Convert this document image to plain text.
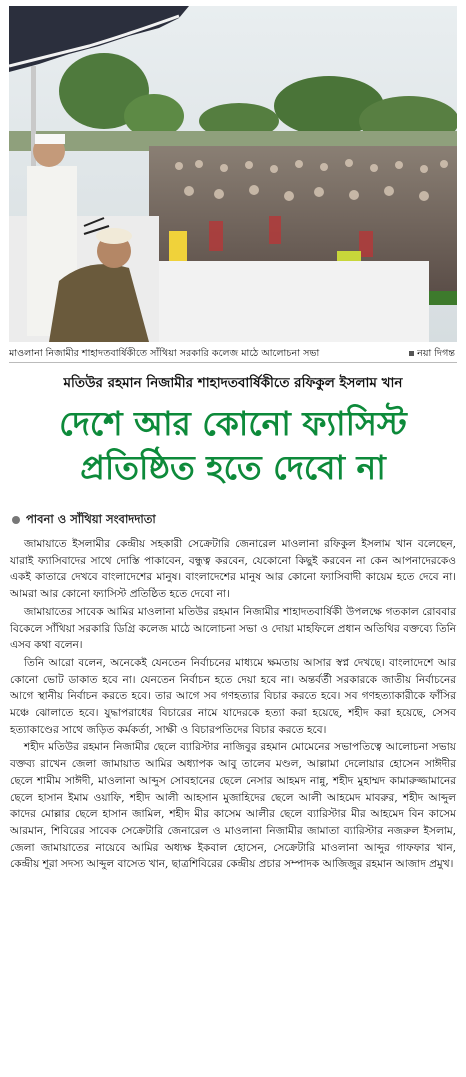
মাওলানা নিজামীর শাহাদতবার্ষিকীতে সাঁথিয়া সরকারি কলেজ মাঠে আলোচনা সভা	নয়া দিগন্ত
মতিউর রহমান নিজামীর শাহাদতবার্ষিকীতে রফিকুল ইসলাম খান
দেশে আর কোনো ফ্যাসিস্ট
প্রতিষ্ঠিত হতে দেবো না
পাবনা ও সাঁথিয়া সংবাদদাতা

জামায়াতে ইসলামীর কেন্দ্রীয় সহকারী সেক্রেটারি জেনারেল মাওলানা রফিকুল ইসলাম খান বলেছেন, যারাই ফ্যাসিবাদের সাথে দোস্তি পাকাবেন, বন্ধুত্ব করবেন, যেকোনো কিছুই করবেন না কেন আপনাদেরকেও একই কাতারে দেখবে বাংলাদেশের মানুষ। বাংলাদেশের মানুষ আর কোনো ফ্যাসিবাদী কায়েম হতে দেবে না। আমরা আর কোনো ফ্যাসিস্ট প্রতিষ্ঠিত হতে দেবো না।

জামায়াতের সাবেক আমির মাওলানা মতিউর রহমান নিজামীর শাহাদতবার্ষিকী উপলক্ষে গতকাল রোববার বিকেলে সাঁথিয়া সরকারি ডিগ্রি কলেজ মাঠে আলোচনা সভা ও দোয়া মাহফিলে প্রধান অতিথির বক্তব্যে তিনি এসব কথা বলেন।

তিনি আরো বলেন, অনেকেই যেনতেন নির্বাচনের মাধ্যমে ক্ষমতায় আসার স্বপ্ন দেখছে। বাংলাদেশে আর কোনো ভোট ডাকাত হবে না। যেনতেন নির্বাচন হতে দেয়া হবে না। অন্তর্বর্তী সরকারকে জাতীয় নির্বাচনের আগে স্থানীয় নির্বাচন করতে হবে। তার আগে সব গণহত্যার বিচার করতে হবে। সব গণহত্যাকারীকে ফাঁসির মঞ্চে ঝোলাতে হবে। যুদ্ধাপরাধের বিচারের নামে যাদেরকে হত্যা করা হয়েছে, শহীদ করা হয়েছে, সেসব হত্যাকাণ্ডের সাথে জড়িত কর্মকর্তা, সাক্ষী ও বিচারপতিদের বিচার করতে হবে।

শহীদ মতিউর রহমান নিজামীর ছেলে ব্যারিস্টার নাজিবুর রহমান মোমেনের সভাপতিত্বে আলোচনা সভায় বক্তব্য রাখেন জেলা জামায়াত আমির অধ্যাপক আবু তালেব মণ্ডল, আল্লামা দেলোয়ার হোসেন সাঈদীর ছেলে শামীম সাঈদী, মাওলানা আব্দুস সোবহানের ছেলে নেসার আহমদ নান্নু, শহীদ মুহাম্মদ কামারুজ্জামানের ছেলে হাসান ইমাম ওয়াফি, শহীদ আলী আহসান মুজাহিদের ছেলে আলী আহমেদ মাবরুর, শহীদ আব্দুল কাদের মোল্লার ছেলে হাসান জামিল, শহীদ মীর কাসেম আলীর ছেলে ব্যারিস্টার মীর আহমেদ বিন কাসেম আরমান, শিবিরের সাবেক সেক্রেটারি জেনারেল ও মাওলানা নিজামীর জামাতা ব্যারিস্টার নজরুল ইসলাম, জেলা জামায়াতের নায়েবে আমির অধ্যক্ষ ইকবাল হোসেন, সেক্রেটারি মাওলানা আব্দুর গাফফার খান, কেন্দ্রীয় শূরা সদস্য আব্দুল বাসেত খান, ছাত্রশিবিরের কেন্দ্রীয় প্রচার সম্পাদক আজিজুর রহমান আজাদ প্রমুখ।
